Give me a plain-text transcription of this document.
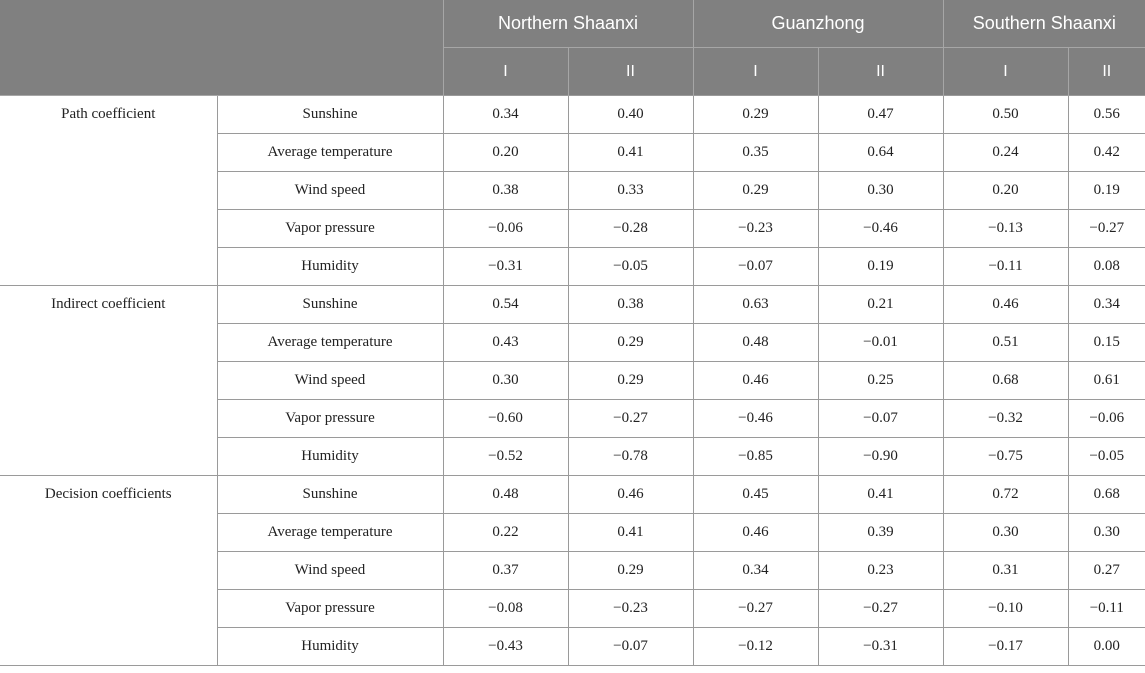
		Northern Shaanxi		Guanzhong		Southern Shaanxi	
		I	II	I	II	I	II
Path coefficient	Sunshine	0.34	0.40	0.29	0.47	0.50	0.56
	Average temperature	0.20	0.41	0.35	0.64	0.24	0.42
	Wind speed	0.38	0.33	0.29	0.30	0.20	0.19
	Vapor pressure	−0.06	−0.28	−0.23	−0.46	−0.13	−0.27
	Humidity	−0.31	−0.05	−0.07	0.19	−0.11	0.08
Indirect coefficient	Sunshine	0.54	0.38	0.63	0.21	0.46	0.34
	Average temperature	0.43	0.29	0.48	−0.01	0.51	0.15
	Wind speed	0.30	0.29	0.46	0.25	0.68	0.61
	Vapor pressure	−0.60	−0.27	−0.46	−0.07	−0.32	−0.06
	Humidity	−0.52	−0.78	−0.85	−0.90	−0.75	−0.05
Decision coefficients	Sunshine	0.48	0.46	0.45	0.41	0.72	0.68
	Average temperature	0.22	0.41	0.46	0.39	0.30	0.30
	Wind speed	0.37	0.29	0.34	0.23	0.31	0.27
	Vapor pressure	−0.08	−0.23	−0.27	−0.27	−0.10	−0.11
	Humidity	−0.43	−0.07	−0.12	−0.31	−0.17	0.00
